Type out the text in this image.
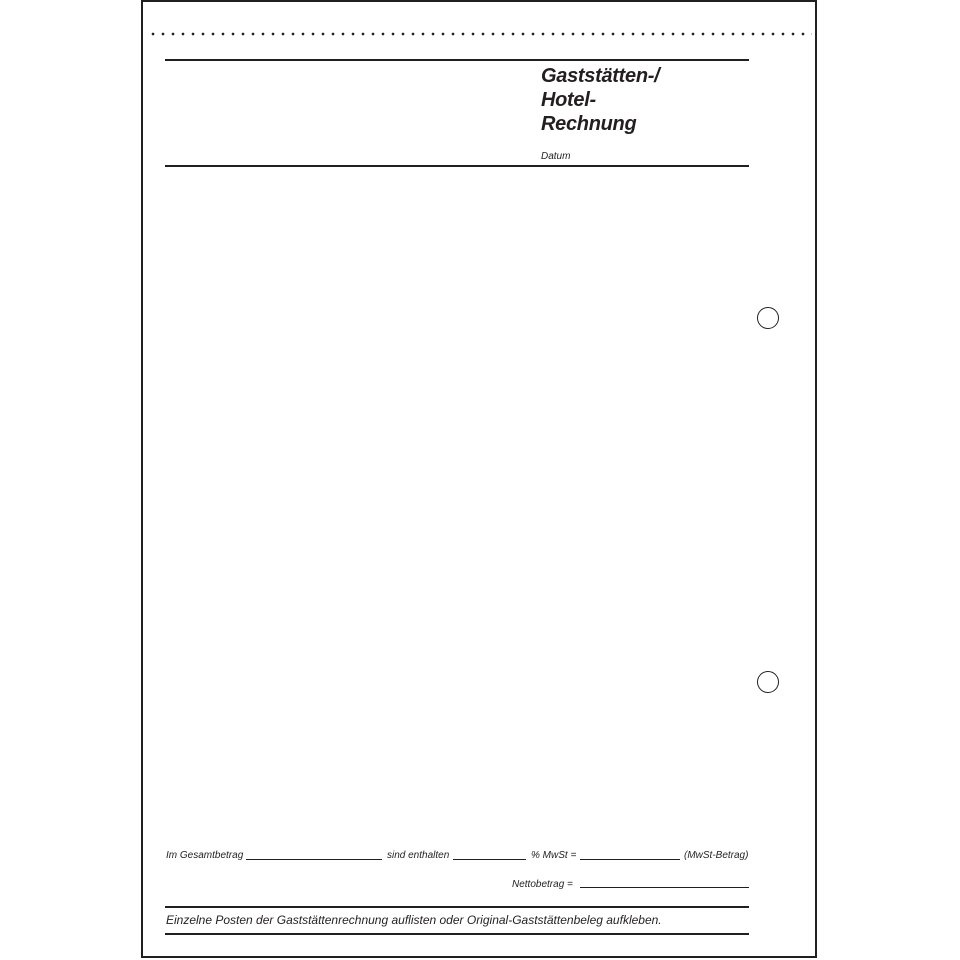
Gaststätten-/
Hotel-
Rechnung
Datum
Im Gesamtbetrag	sind enthalten	% MwSt =	(MwSt-Betrag)
Nettobetrag =
Einzelne Posten der Gaststättenrechnung auflisten oder Original-Gaststättenbeleg aufkleben.
